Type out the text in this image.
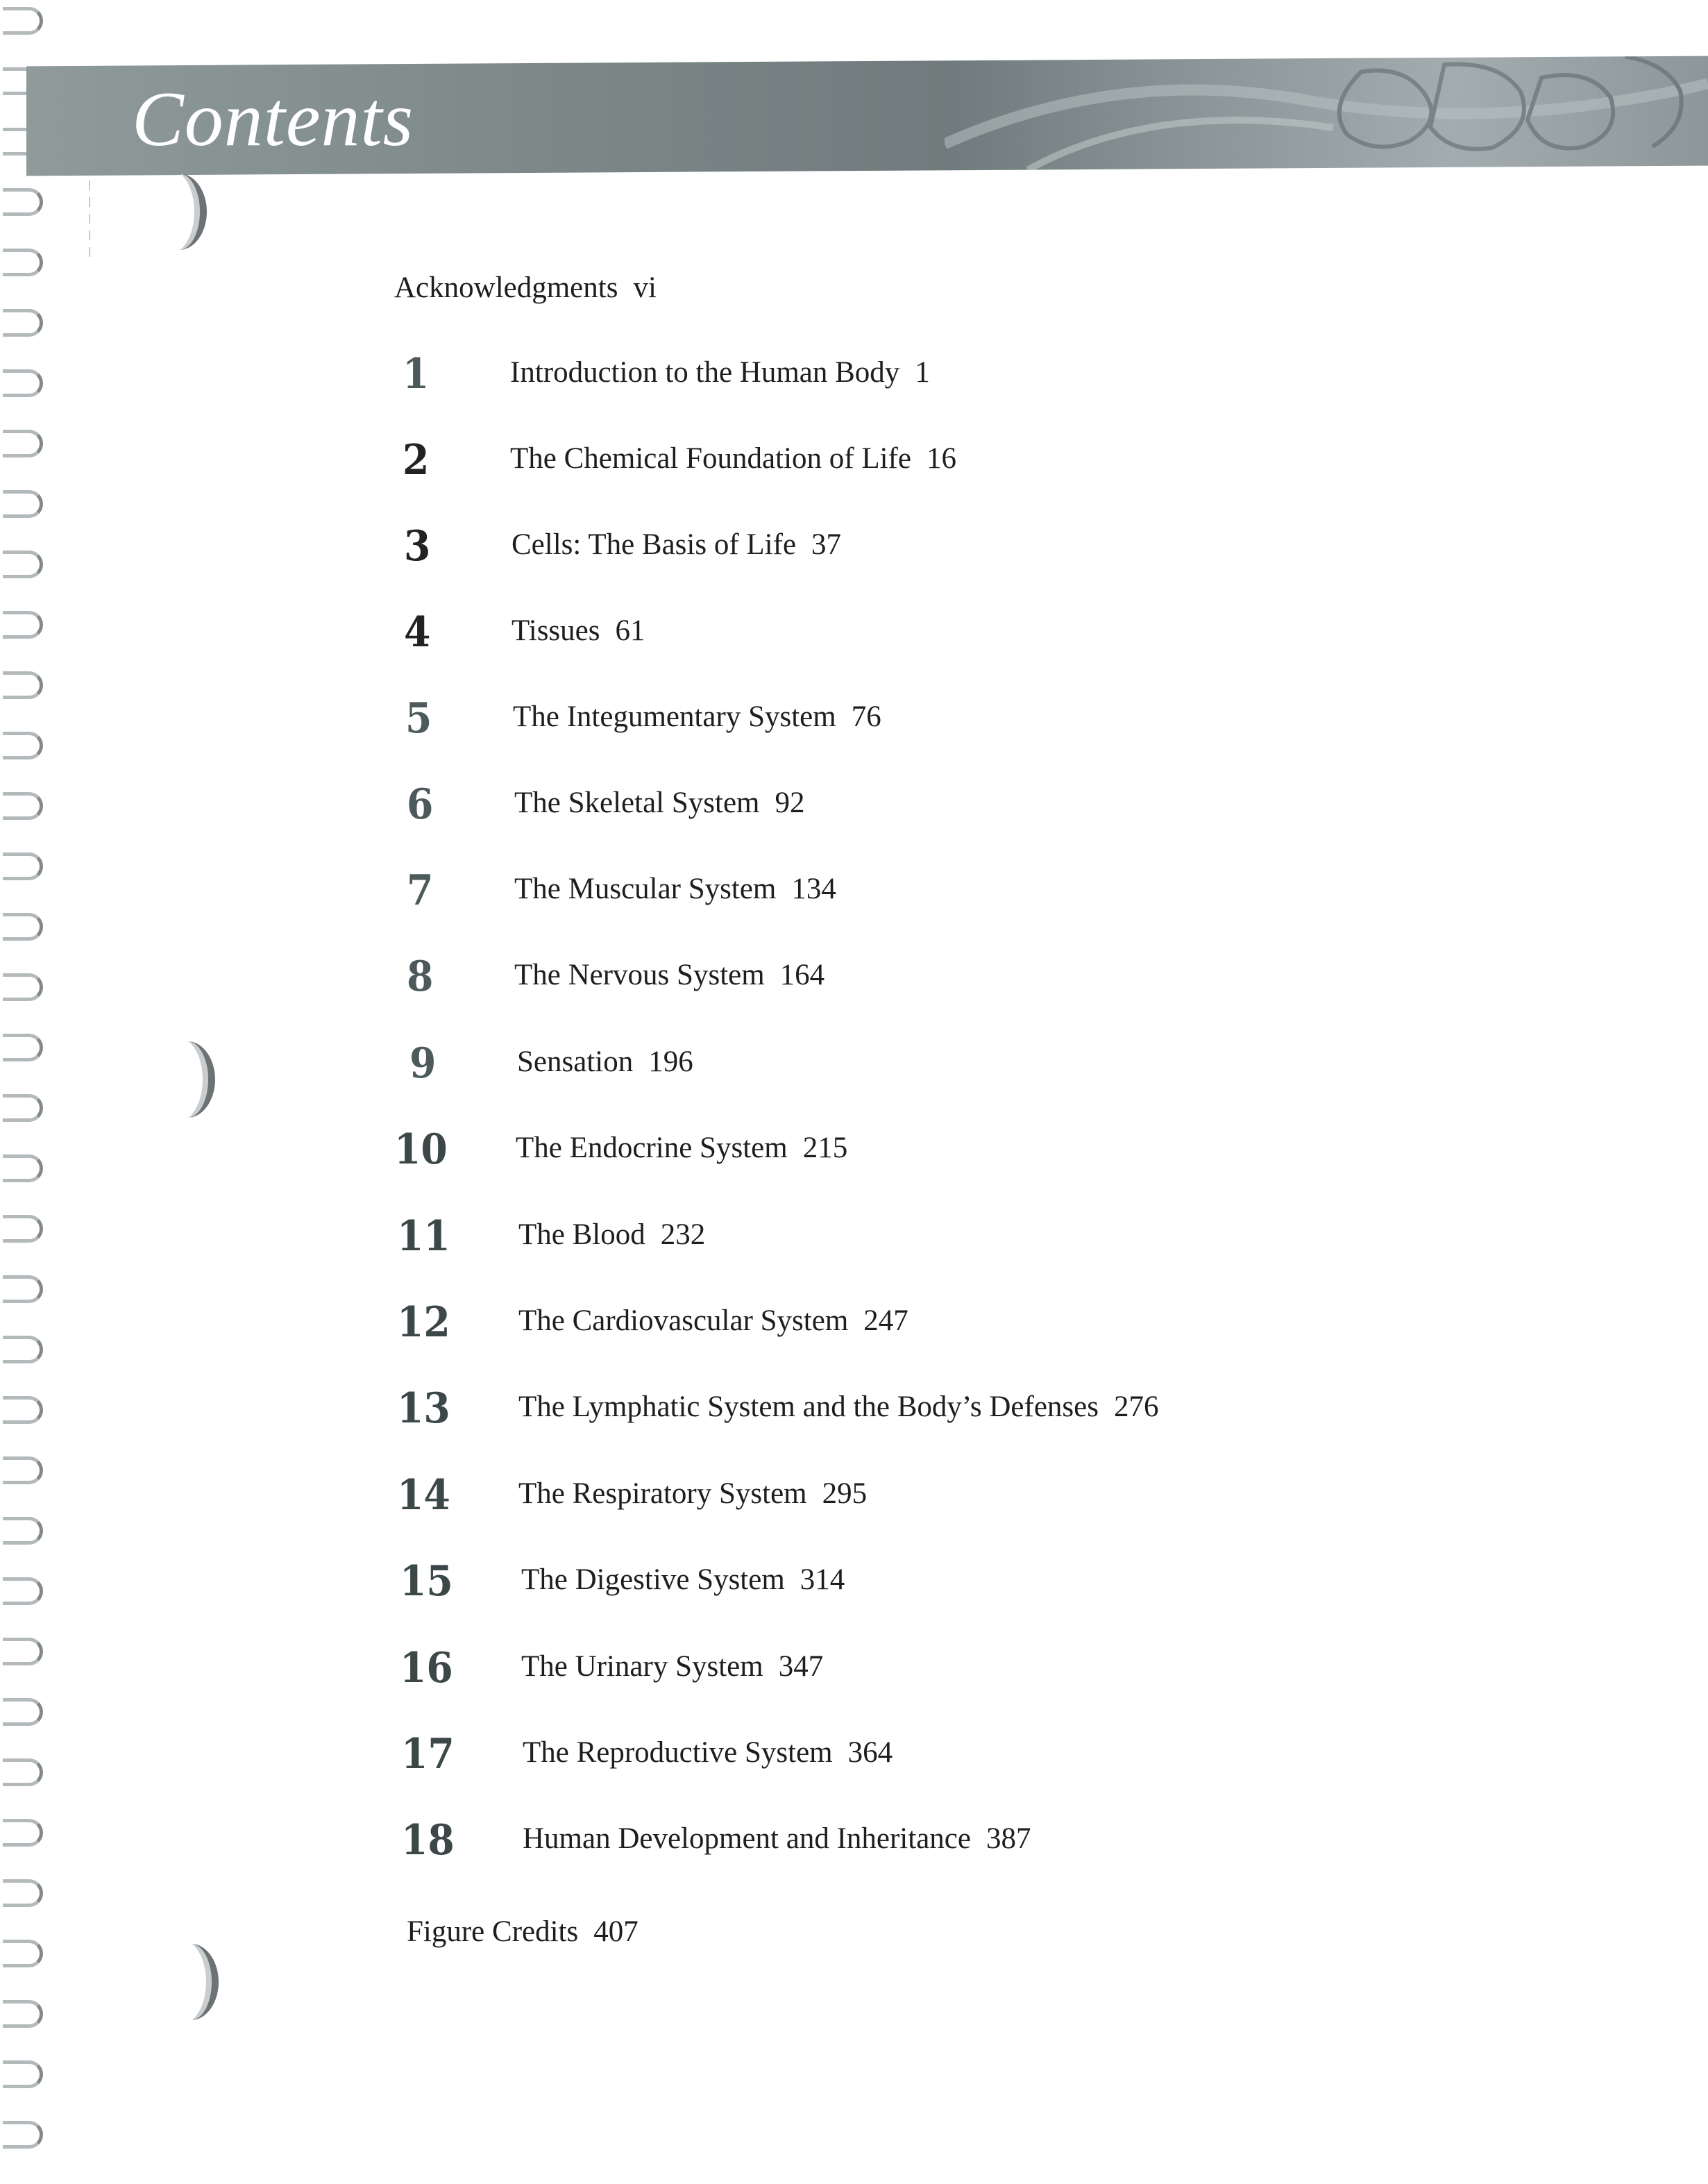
Contents
Acknowledgments vi
1	Introduction to the Human Body 1
2	The Chemical Foundation of Life 16
3	Cells: The Basis of Life 37
4	Tissues 61
5	The Integumentary System 76
6	The Skeletal System 92
7	The Muscular System 134
8	The Nervous System 164
9	Sensation 196
10 The Endocrine System 215
11 The Blood 232
12 The Cardiovascular System 247
13 The Lymphatic System and the Body’s Defenses 276
14 The Respiratory System 295
15 The Digestive System 314
16 The Urinary System 347
17 The Reproductive System 364
18 Human Development and Inheritance 387
Figure Credits 407
